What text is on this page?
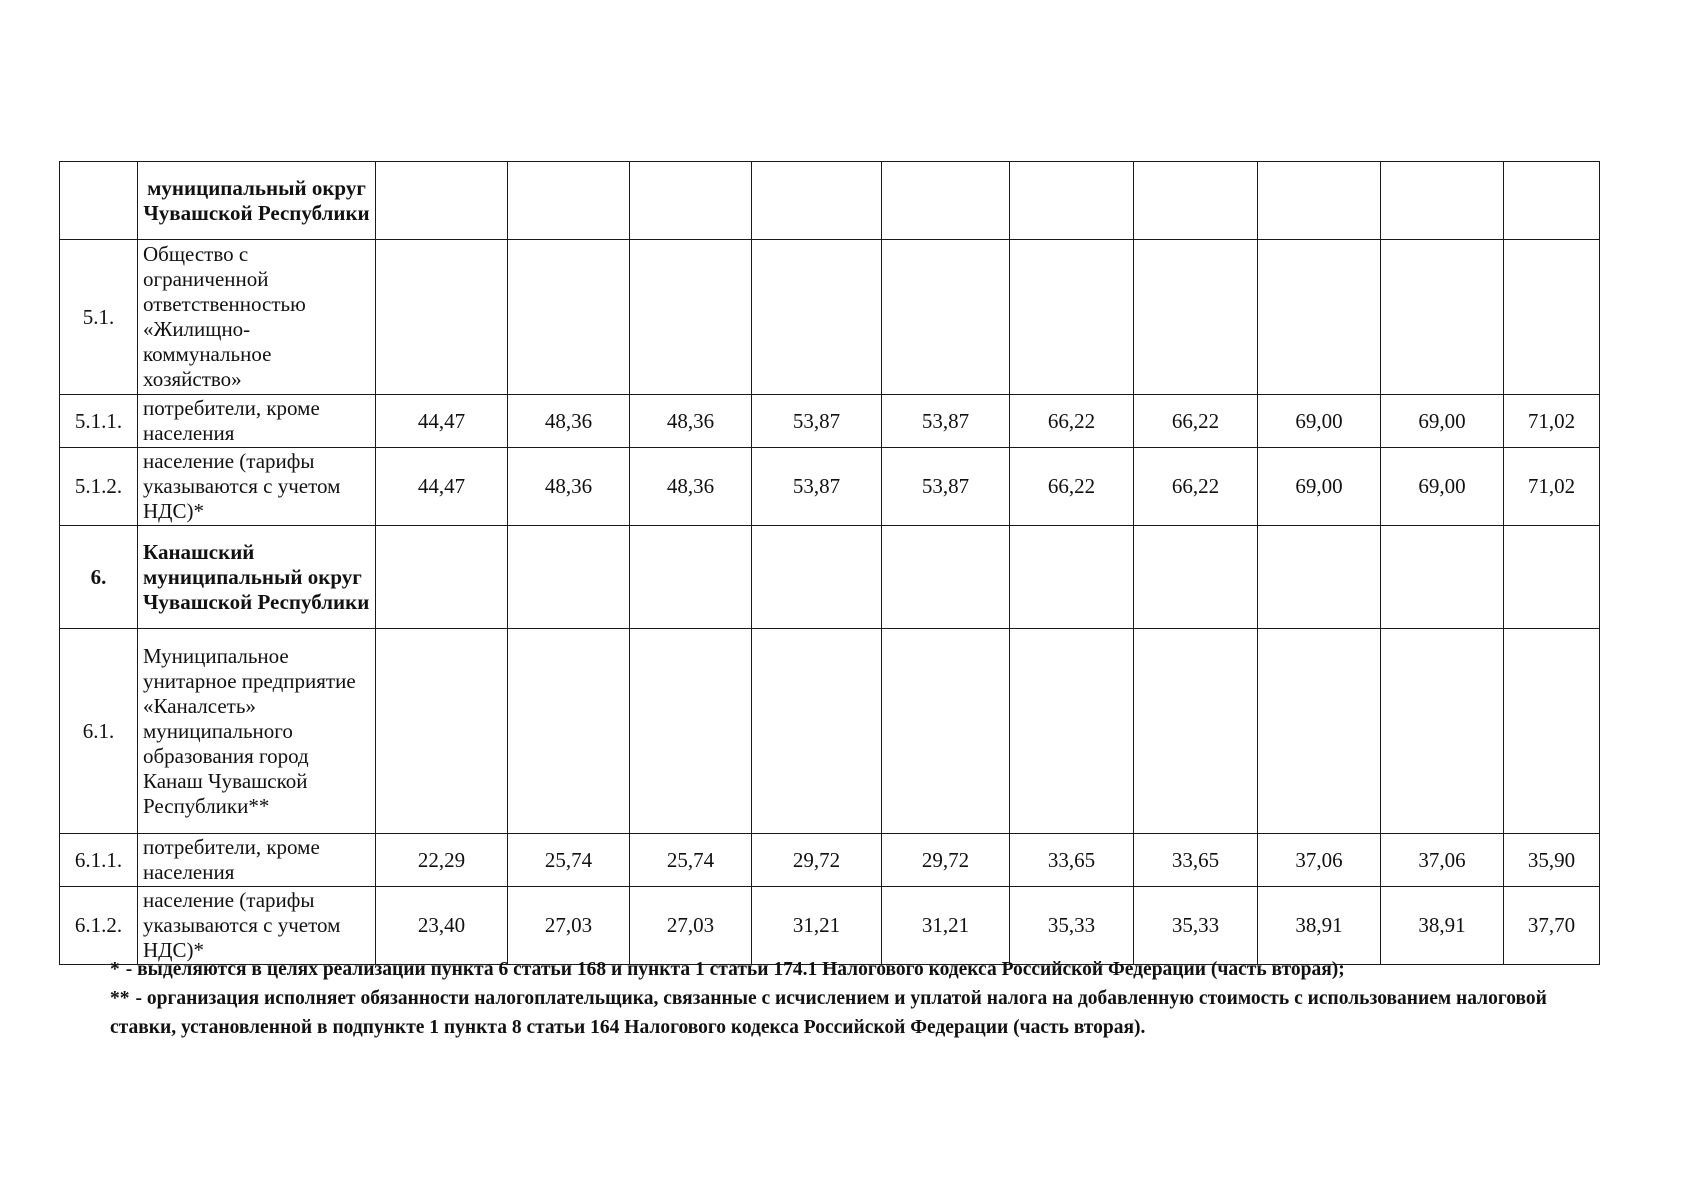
	муниципальный округ Чувашской Республики											
5.1.	Общество с ограниченной ответственностью «Жилищно-коммунальное хозяйство»											
5.1.1.	потребители, кроме населения	44,47	48,36	48,36	53,87	53,87	66,22	66,22	69,00	69,00	71,02	
5.1.2.	население (тарифы указываются с учетом НДС)*	44,47	48,36	48,36	53,87	53,87	66,22	66,22	69,00	69,00	71,02	
6.	Канашский муниципальный округ Чувашской Республики											
6.1.	Муниципальное унитарное предприятие «Каналсеть» муниципального образования город Канаш Чувашской Республики**											
6.1.1.	потребители, кроме населения	22,29	25,74	25,74	29,72	29,72	33,65	33,65	37,06	37,06	35,90	
6.1.2.	население (тарифы указываются с учетом НДС)*	23,40	27,03	27,03	31,21	31,21	35,33	35,33	38,91	38,91	37,70	

* - выделяются в целях реализации пункта 6 статьи 168 и пункта 1 статьи 174.1 Налогового кодекса Российской Федерации (часть вторая);

** - организация исполняет обязанности налогоплательщика, связанные с исчислением и уплатой налога на добавленную стоимость с использованием налоговой ставки, установленной в подпункте 1 пункта 8 статьи 164 Налогового кодекса Российской Федерации (часть вторая).
